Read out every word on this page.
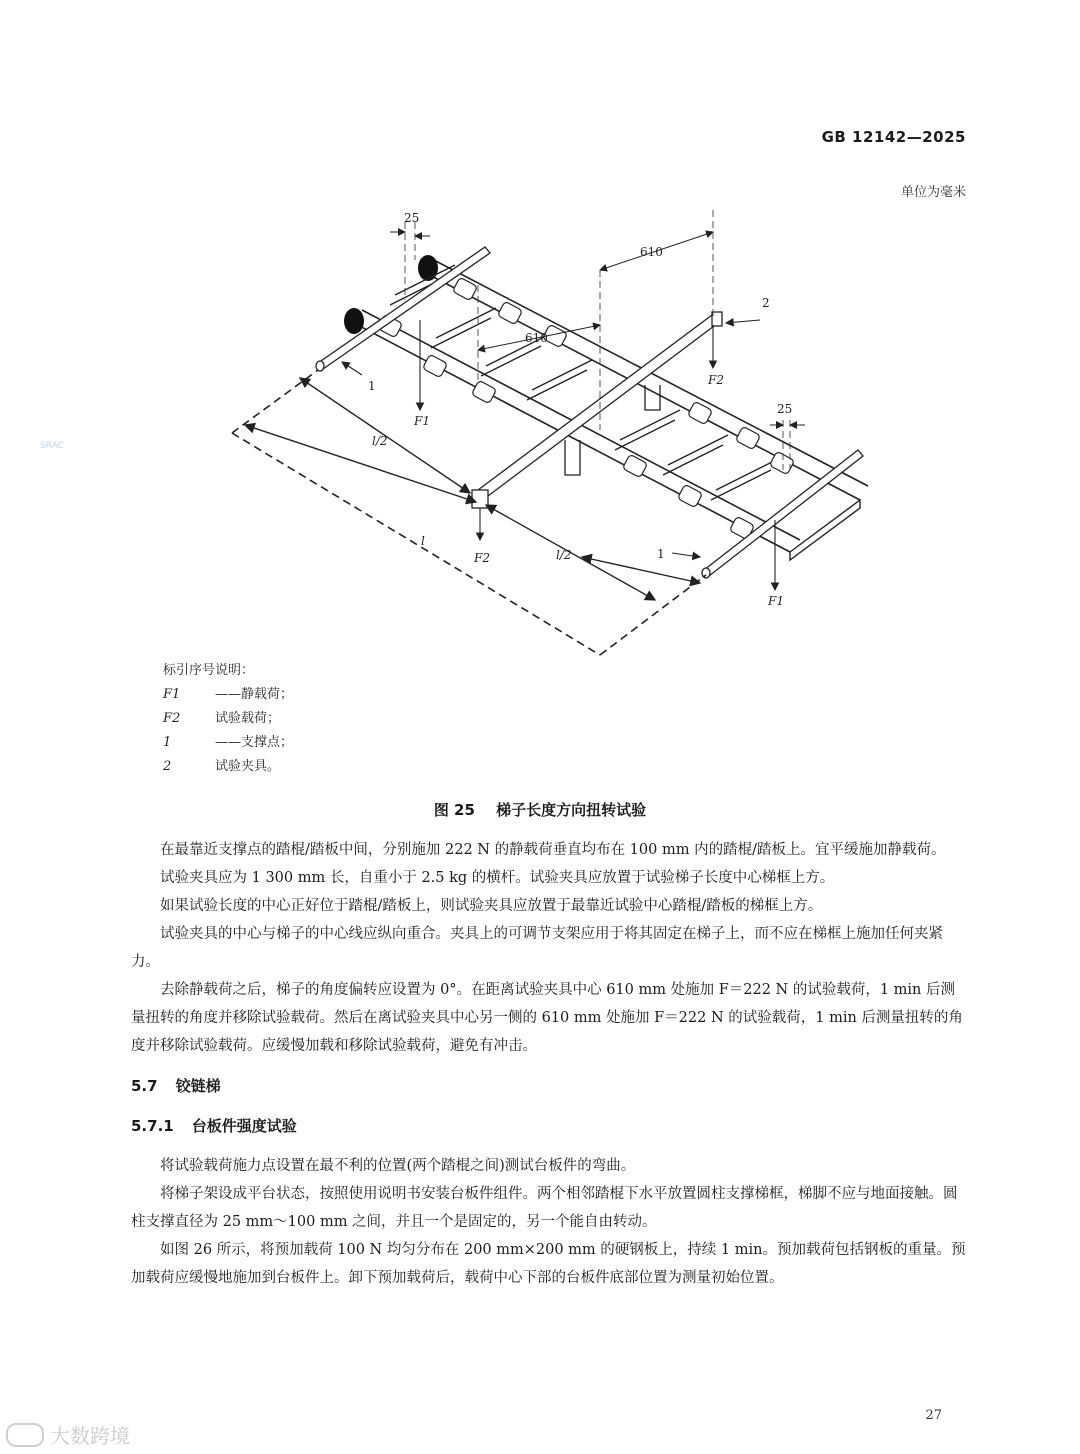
GB 12142—2025
单位为毫米
SRAC
25
610
610
25
l/2
l
l/2
1
2
1
F1
F2
F2
F1
标引序号说明：
F1	——静载荷；
F2	试验载荷；
1	——支撑点；
2	试验夹具。
图 25 梯子长度方向扭转试验

在最靠近支撑点的踏棍/踏板中间，分别施加 222 N 的静载荷垂直均布在 100 mm 内的踏棍/踏板上。宜平缓施加静载荷。

试验夹具应为 1 300 mm 长，自重小于 2.5 kg 的横杆。试验夹具应放置于试验梯子长度中心梯框上方。

如果试验长度的中心正好位于踏棍/踏板上，则试验夹具应放置于最靠近试验中心踏棍/踏板的梯框上方。

试验夹具的中心与梯子的中心线应纵向重合。夹具上的可调节支架应用于将其固定在梯子上，而不应在梯框上施加任何夹紧力。

去除静载荷之后，梯子的角度偏转应设置为 0°。在距离试验夹具中心 610 mm 处施加 F＝222 N 的试验载荷，1 min 后测量扭转的角度并移除试验载荷。然后在离试验夹具中心另一侧的 610 mm 处施加 F＝222 N 的试验载荷，1 min 后测量扭转的角度并移除试验载荷。应缓慢加载和移除试验载荷，避免有冲击。

5.7 铰链梯
5.7.1 台板件强度试验

将试验载荷施力点设置在最不利的位置(两个踏棍之间)测试台板件的弯曲。

将梯子架设成平台状态，按照使用说明书安装台板件组件。两个相邻踏棍下水平放置圆柱支撑梯框，梯脚不应与地面接触。圆柱支撑直径为 25 mm～100 mm 之间，并且一个是固定的，另一个能自由转动。

如图 26 所示，将预加载荷 100 N 均匀分布在 200 mm×200 mm 的硬钢板上，持续 1 min。预加载荷包括钢板的重量。预加载荷应缓慢地施加到台板件上。卸下预加载荷后，载荷中心下部的台板件底部位置为测量初始位置。

27
大数跨境
